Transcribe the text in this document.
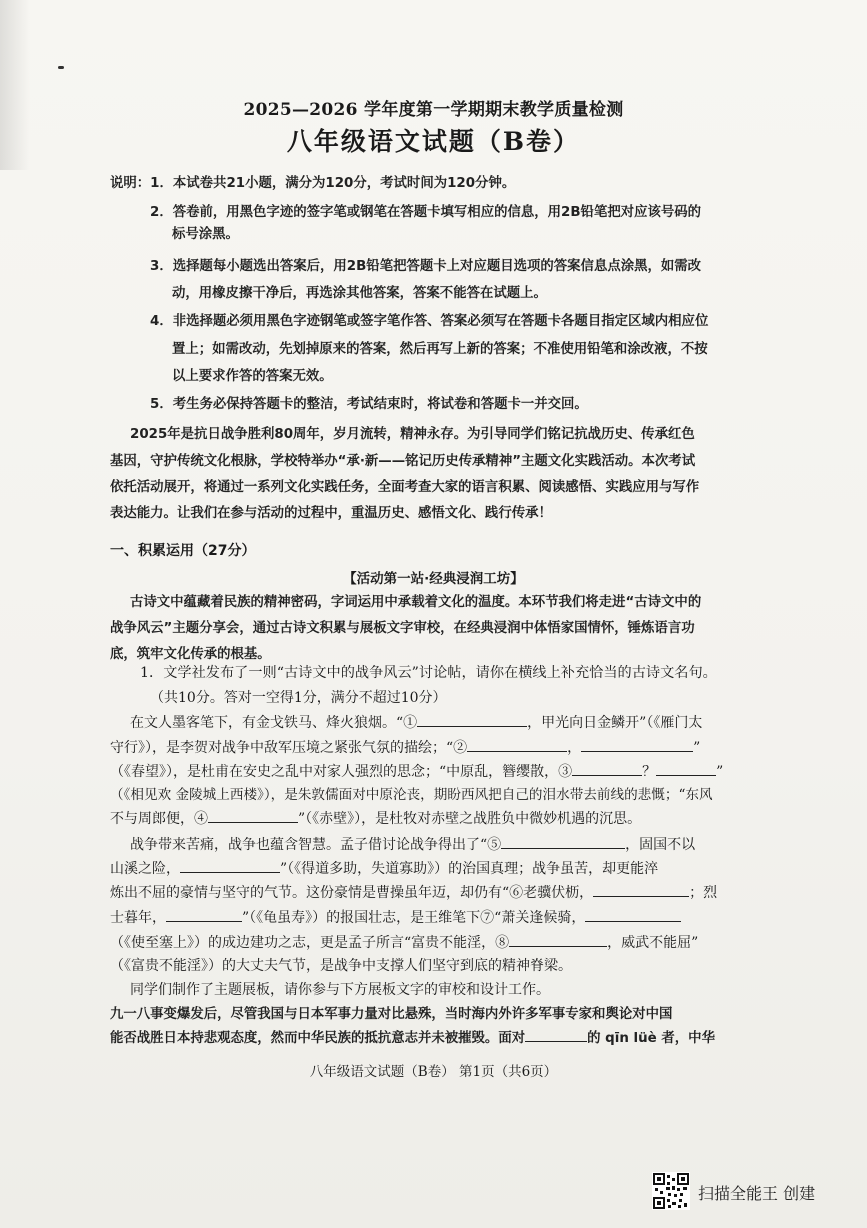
2025—2026 学年度第一学期期末教学质量检测
八年级语文试题（B卷）
说明：1．本试卷共21小题，满分为120分，考试时间为120分钟。
2．答卷前，用黑色字迹的签字笔或钢笔在答题卡填写相应的信息，用2B铅笔把对应该号码的
标号涂黑。
3．选择题每小题选出答案后，用2B铅笔把答题卡上对应题目选项的答案信息点涂黑，如需改
动，用橡皮擦干净后，再选涂其他答案，答案不能答在试题上。
4．非选择题必须用黑色字迹钢笔或签字笔作答、答案必须写在答题卡各题目指定区域内相应位
置上；如需改动，先划掉原来的答案，然后再写上新的答案；不准使用铅笔和涂改液，不按
以上要求作答的答案无效。
5．考生务必保持答题卡的整洁，考试结束时，将试卷和答题卡一并交回。
2025年是抗日战争胜利80周年，岁月流转，精神永存。为引导同学们铭记抗战历史、传承红色
基因，守护传统文化根脉，学校特举办“承·新——铭记历史传承精神”主题文化实践活动。本次考试
依托活动展开，将通过一系列文化实践任务，全面考查大家的语言积累、阅读感悟、实践应用与写作
表达能力。让我们在参与活动的过程中，重温历史、感悟文化、践行传承！
一、积累运用（27分）
【活动第一站·经典浸润工坊】
古诗文中蕴藏着民族的精神密码，字词运用中承载着文化的温度。本环节我们将走进“古诗文中的
战争风云”主题分享会，通过古诗文积累与展板文字审校，在经典浸润中体悟家国情怀，锤炼语言功
底，筑牢文化传承的根基。
1．文学社发布了一则“古诗文中的战争风云”讨论帖，请你在横线上补充恰当的古诗文名句。
（共10分。答对一空得1分，满分不超过10分）
在文人墨客笔下，有金戈铁马、烽火狼烟。“①	，甲光向日金鳞开”（《雁门太
守行》），是李贺对战争中敌军压境之紧张气氛的描绘；“②	，	”
（《春望》），是杜甫在安史之乱中对家人强烈的思念；“中原乱，簪缨散，③	？	”
（《相见欢 金陵城上西楼》），是朱敦儒面对中原沦丧，期盼西风把自己的泪水带去前线的悲慨；“东风
不与周郎便，④	”（《赤壁》），是杜牧对赤壁之战胜负中微妙机遇的沉思。
战争带来苦痛，战争也蕴含智慧。孟子借讨论战争得出了“⑤	，固国不以
山溪之险，	”（《得道多助，失道寡助》）的治国真理；战争虽苦，却更能淬
炼出不屈的豪情与坚守的气节。这份豪情是曹操虽年迈，却仍有“⑥老骥伏枥，	；烈
士暮年，	”（《龟虽寿》）的报国壮志，是王维笔下⑦“萧关逢候骑，
（《使至塞上》）的成边建功之志，更是孟子所言“富贵不能淫，⑧	，威武不能屈”
（《富贵不能淫》）的大丈夫气节，是战争中支撑人们坚守到底的精神脊梁。
同学们制作了主题展板，请你参与下方展板文字的审校和设计工作。
九一八事变爆发后，尽管我国与日本军事力量对比悬殊，当时海内外许多军事专家和舆论对中国
能否战胜日本持悲观态度，然而中华民族的抵抗意志并未被摧毁。面对	的 qīn lüè 者，中华
八年级语文试题（B卷） 第1页（共6页）
扫描全能王 创建
